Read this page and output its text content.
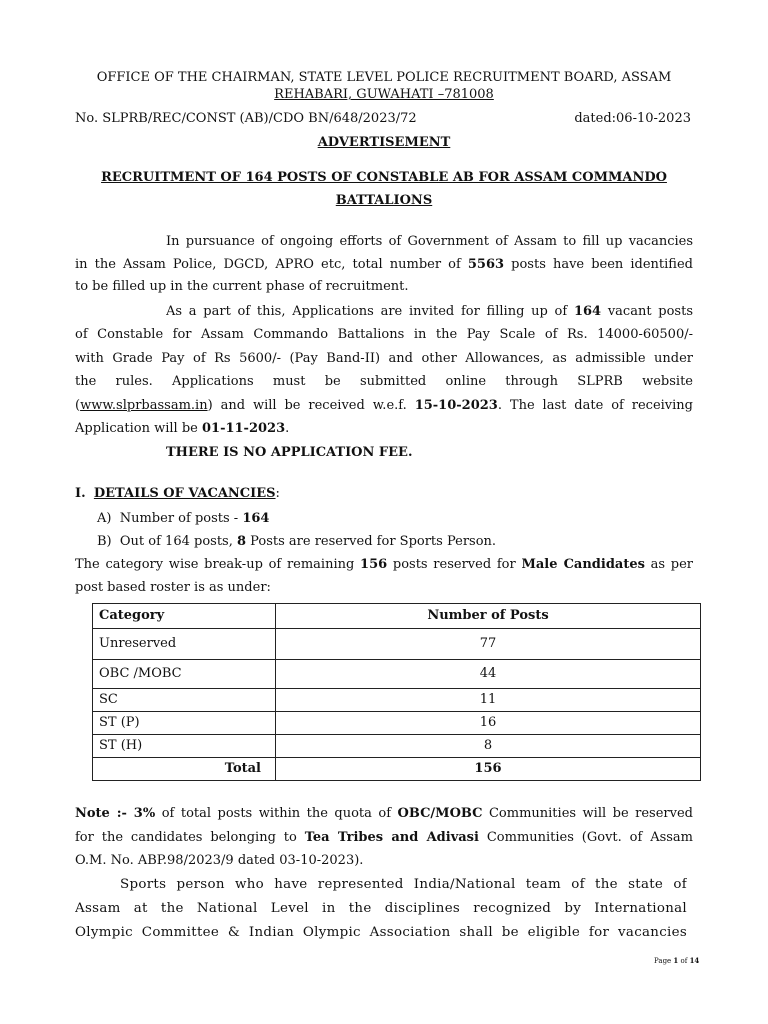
OFFICE OF THE CHAIRMAN, STATE LEVEL POLICE RECRUITMENT BOARD, ASSAM
REHABARI, GUWAHATI –781008
No. SLPRB/REC/CONST (AB)/CDO BN/648/2023/72	dated:06-10-2023
ADVERTISEMENT
RECRUITMENT OF 164 POSTS OF CONSTABLE AB FOR ASSAM COMMANDO
BATTALIONS
In pursuance of ongoing efforts of Government of Assam to fill up vacancies
in the Assam Police, DGCD, APRO etc, total number of 5563 posts have been identified
to be filled up in the current phase of recruitment.
As a part of this, Applications are invited for filling up of 164 vacant posts
of Constable for Assam Commando Battalions in the Pay Scale of Rs. 14000-60500/-
with Grade Pay of Rs 5600/- (Pay Band-II) and other Allowances, as admissible under
the rules. Applications must be submitted online through SLPRB website
(www.slprbassam.in) and will be received w.e.f. 15-10-2023. The last date of receiving
Application will be 01-11-2023.
THERE IS NO APPLICATION FEE.
I. DETAILS OF VACANCIES:
A) Number of posts - 164
B) Out of 164 posts, 8 Posts are reserved for Sports Person.
The category wise break-up of remaining 156 posts reserved for Male Candidates as per
post based roster is as under:
Category	Number of Posts
Unreserved	77
OBC /MOBC	44
SC	11
ST (P)	16
ST (H)	8
Total	156
Note :- 3% of total posts within the quota of OBC/MOBC Communities will be reserved
for the candidates belonging to Tea Tribes and Adivasi Communities (Govt. of Assam
O.M. No. ABP.98/2023/9 dated 03-10-2023).
Sports person who have represented India/National team of the state of
Assam at the National Level in the disciplines recognized by International
Olympic Committee & Indian Olympic Association shall be eligible for vacancies
Page 1 of 14
